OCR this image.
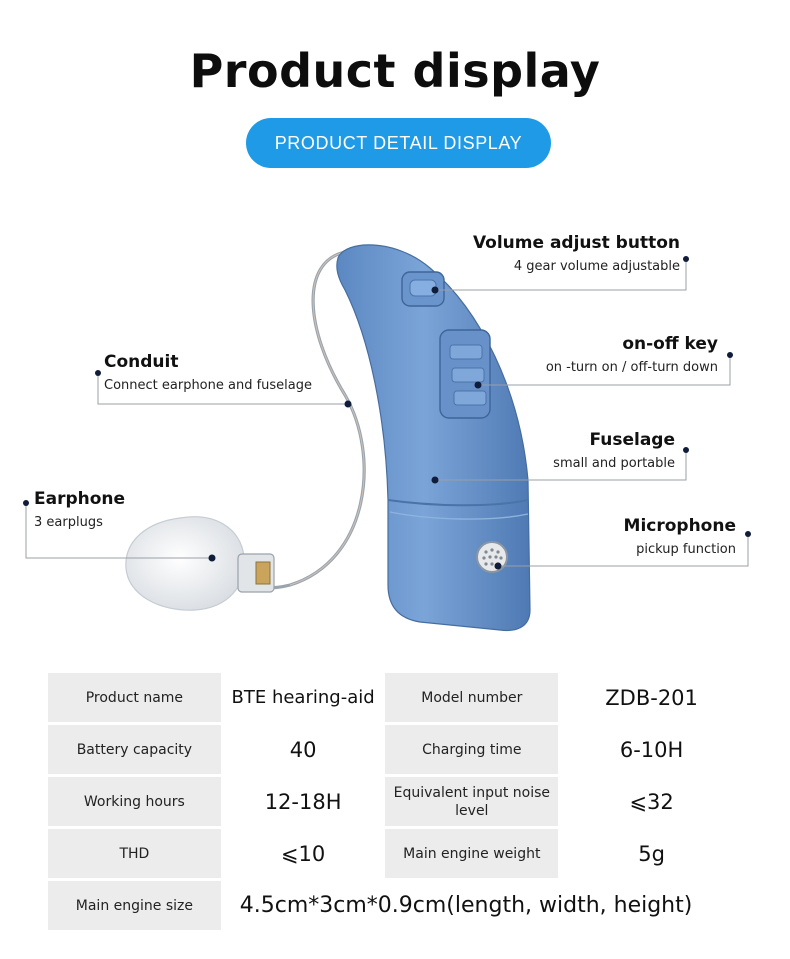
Product display
PRODUCT DETAIL DISPLAY
Volume adjust button
4 gear volume adjustable
on-off key
on -turn on / off-turn down
Fuselage
small and portable
Microphone
pickup function
Conduit
Connect earphone and fuselage
Earphone
3 earplugs
Product name	BTE hearing-aid	Model number	ZDB-201
Battery capacity	40	Charging time	6-10H
Working hours	12-18H	Equivalent input noise level	⩽32
THD	⩽10	Main engine weight	5g
Main engine size	4.5cm*3cm*0.9cm(length, width, height)		
